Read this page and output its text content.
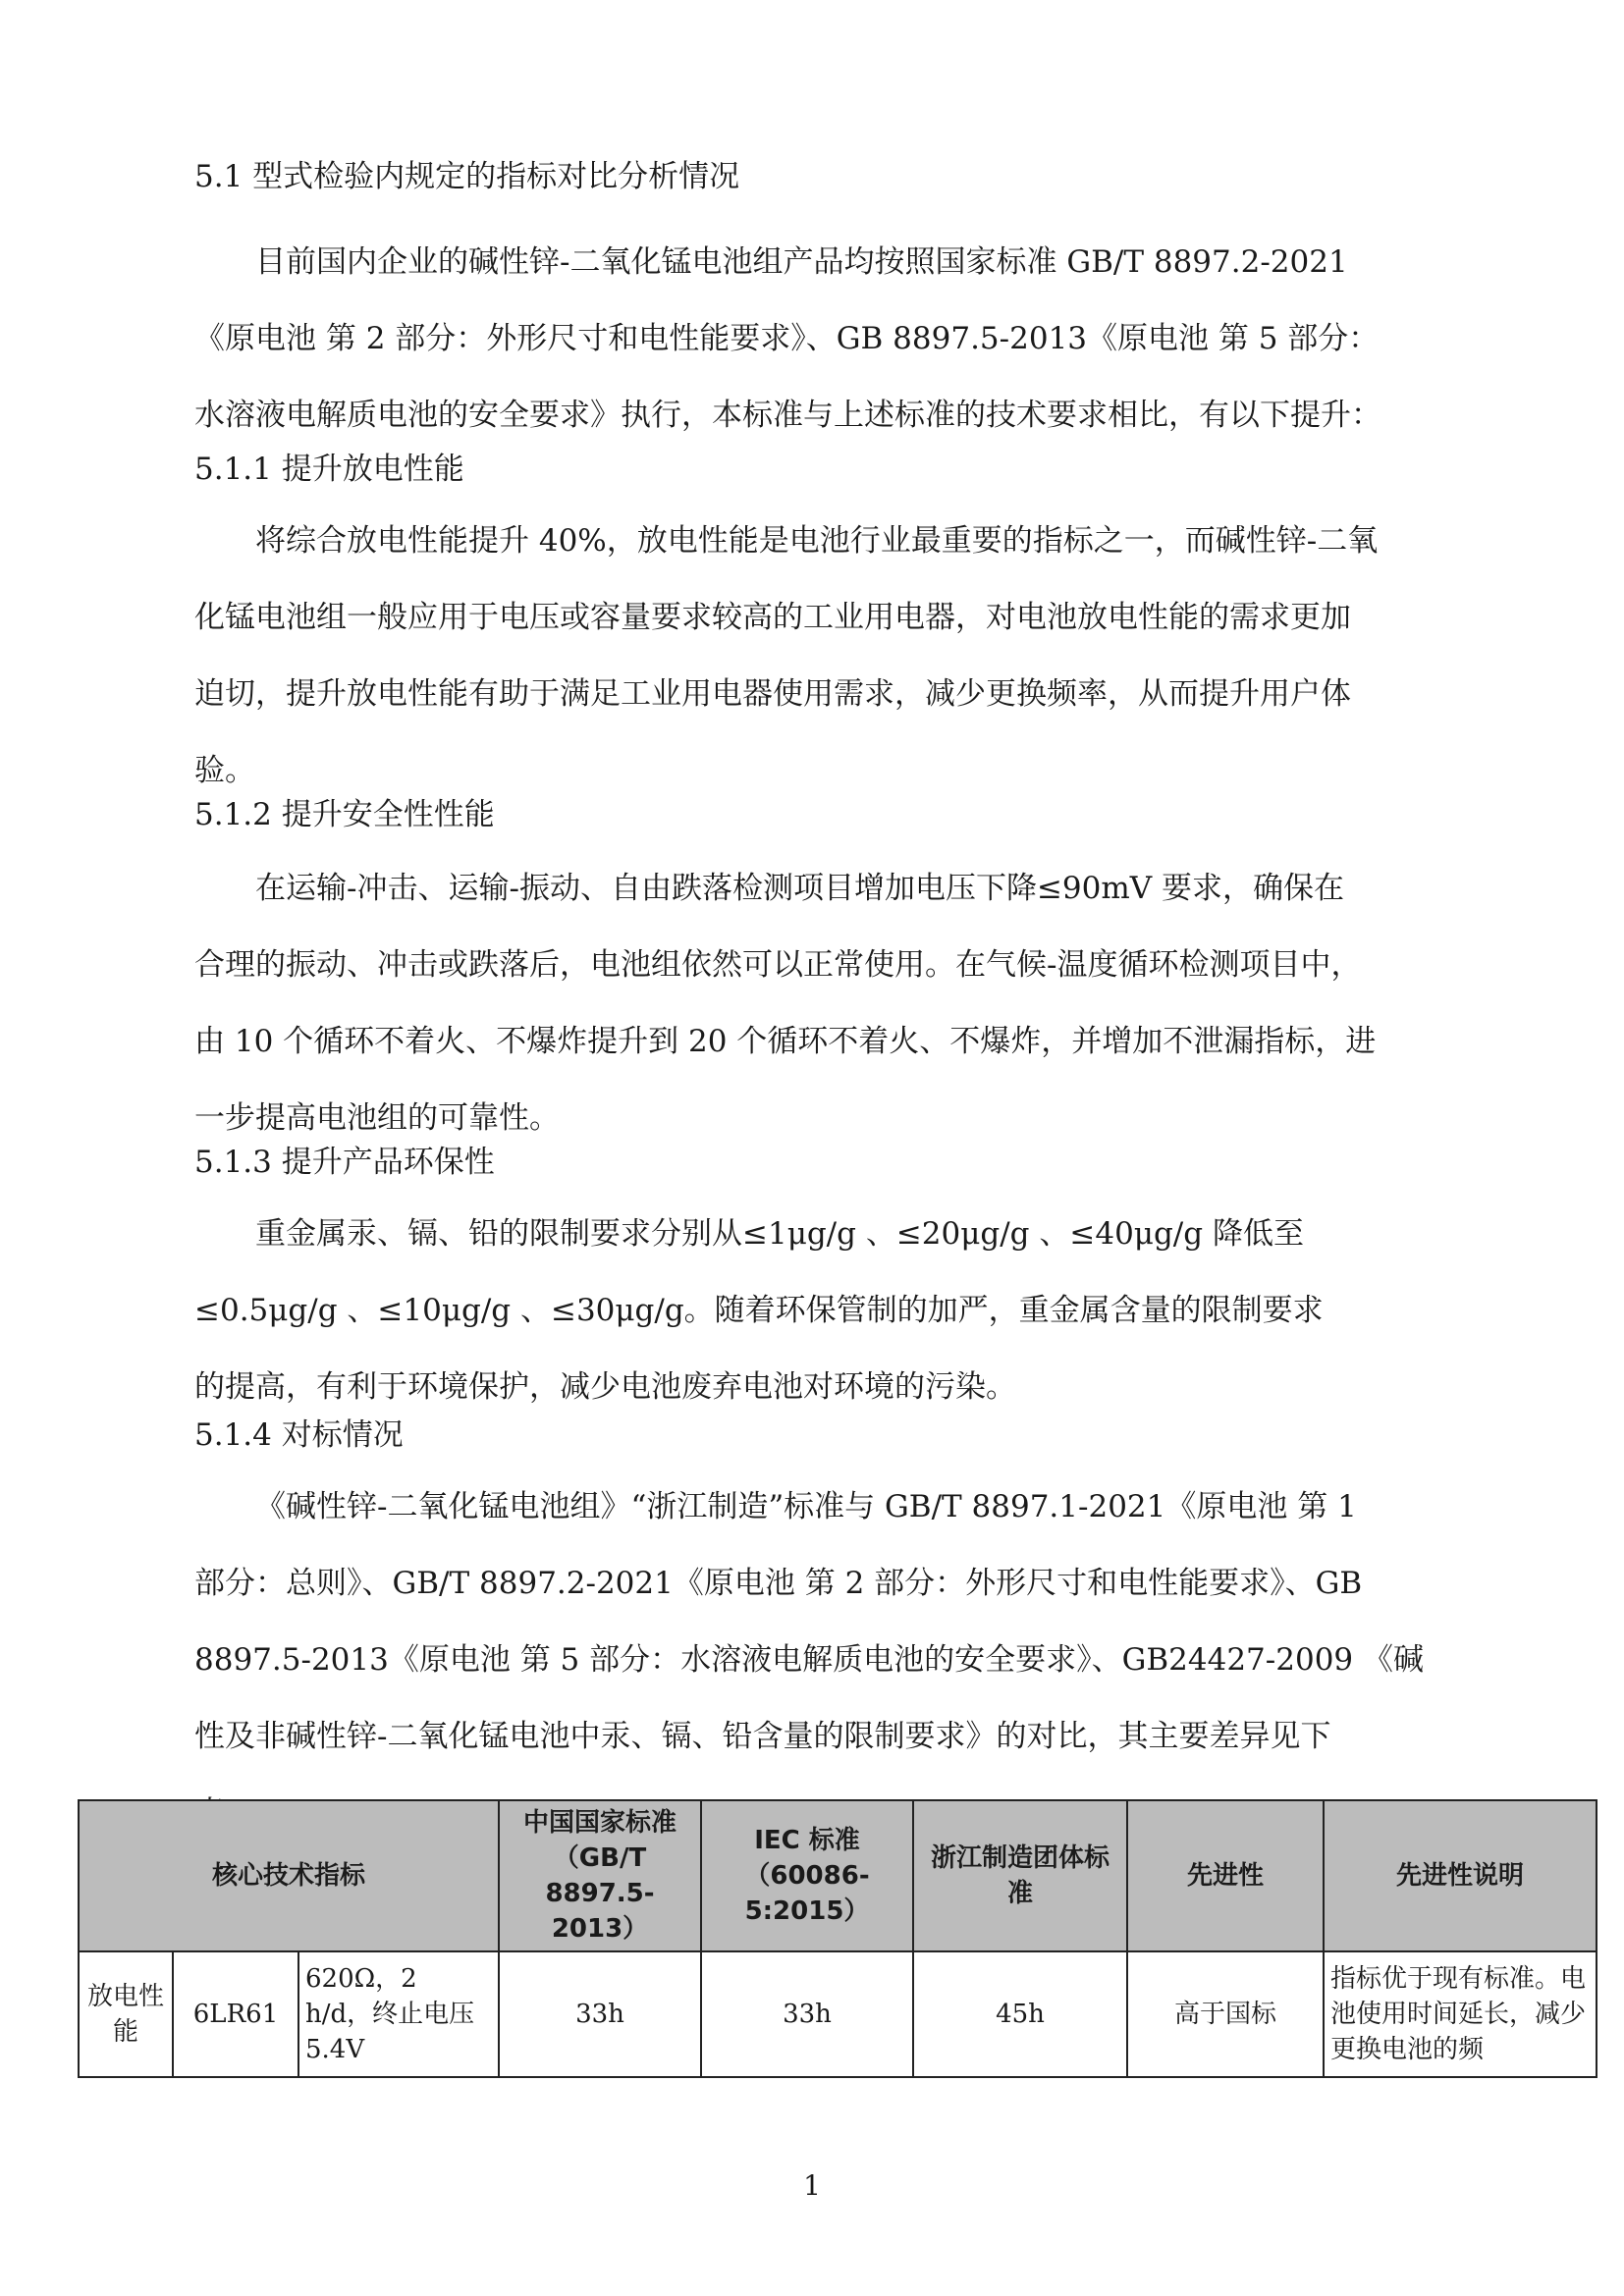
5.1 型式检验内规定的指标对比分析情况

目前国内企业的碱性锌-二氧化锰电池组产品均按照国家标准 GB/T 8897.2-2021
《原电池 第 2 部分：外形尺寸和电性能要求》、GB 8897.5-2013《原电池 第 5 部分：
水溶液电解质电池的安全要求》执行，本标准与上述标准的技术要求相比，有以下提升：

5.1.1 提升放电性能

将综合放电性能提升 40%，放电性能是电池行业最重要的指标之一，而碱性锌-二氧
化锰电池组一般应用于电压或容量要求较高的工业用电器，对电池放电性能的需求更加
迫切，提升放电性能有助于满足工业用电器使用需求，减少更换频率，从而提升用户体
验。

5.1.2 提升安全性性能

在运输-冲击、运输-振动、自由跌落检测项目增加电压下降≤90mV 要求，确保在
合理的振动、冲击或跌落后，电池组依然可以正常使用。在气候-温度循环检测项目中，
由 10 个循环不着火、不爆炸提升到 20 个循环不着火、不爆炸，并增加不泄漏指标，进
一步提高电池组的可靠性。

5.1.3 提升产品环保性

重金属汞、镉、铅的限制要求分别从≤1μg/g 、≤20μg/g 、≤40μg/g 降低至
≤0.5μg/g 、≤10μg/g 、≤30μg/g。随着环保管制的加严，重金属含量的限制要求
的提高，有利于环境保护，减少电池废弃电池对环境的污染。

5.1.4 对标情况

《碱性锌-二氧化锰电池组》“浙江制造”标准与 GB/T 8897.1-2021《原电池 第 1
部分：总则》、GB/T 8897.2-2021《原电池 第 2 部分：外形尺寸和电性能要求》、GB
8897.5-2013《原电池 第 5 部分：水溶液电解质电池的安全要求》、GB24427-2009 《碱
性及非碱性锌-二氧化锰电池中汞、镉、铅含量的限制要求》的对比，其主要差异见下
核心技术指标			中国国家标准（GB/T 8897.5-2013）	IEC 标准（60086-5:2015）	浙江制造团体标准	先进性	先进性说明
放电性能	6LR61	620Ω，2 h/d，终止电压 5.4V	33h	33h	45h	高于国标	指标优于现有标准。电池使用时间延长，减少更换电池的频
1
